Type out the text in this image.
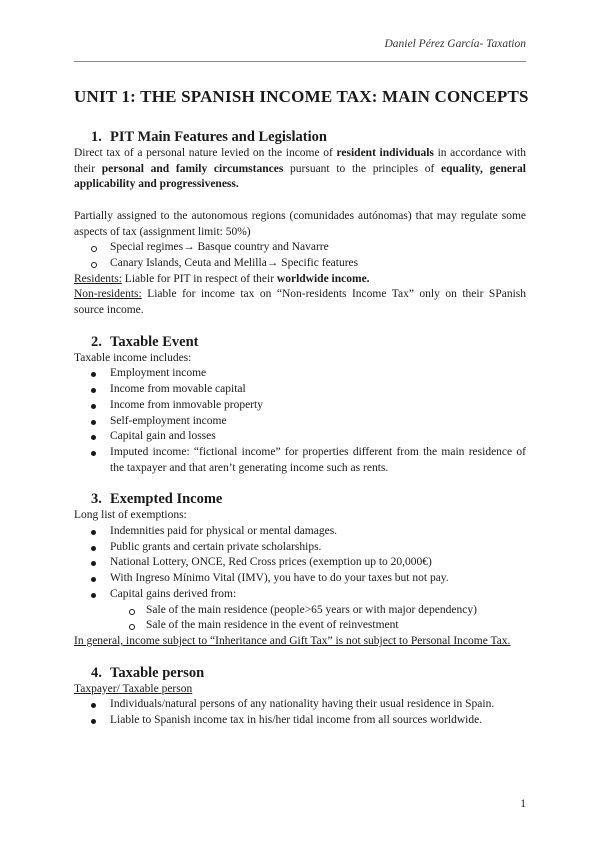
Daniel Pérez García- Taxation
UNIT 1: THE SPANISH INCOME TAX: MAIN CONCEPTS
1. PIT Main Features and Legislation

Direct tax of a personal nature levied on the income of resident individuals in accordance with their personal and family circumstances pursuant to the principles of equality, general applicability and progressiveness.

Partially assigned to the autonomous regions (comunidades autónomas) that may regulate some aspects of tax (assignment limit: 50%)

Special regimes→ Basque country and Navarre
Canary Islands, Ceuta and Melilla→ Specific features

Residents: Liable for PIT in respect of their worldwide income.

Non-residents: Liable for income tax on “Non-residents Income Tax” only on their SPanish source income.

2. Taxable Event

Taxable income includes:

Employment income
Income from movable capital
Income from inmovable property
Self-employment income
Capital gain and losses
Imputed income: “fictional income” for properties different from the main residence of the taxpayer and that aren’t generating income such as rents.
3. Exempted Income

Long list of exemptions:

Indemnities paid for physical or mental damages.
Public grants and certain private scholarships.
National Lottery, ONCE, Red Cross prices (exemption up to 20,000€)
With Ingreso Mínimo Vital (IMV), you have to do your taxes but not pay.
Capital gains derived from:
Sale of the main residence (people>65 years or with major dependency)
Sale of the main residence in the event of reinvestment

In general, income subject to “Inheritance and Gift Tax” is not subject to Personal Income Tax.

4. Taxable person

Taxpayer/ Taxable person

Individuals/natural persons of any nationality having their usual residence in Spain.
Liable to Spanish income tax in his/her tidal income from all sources worldwide.
1
